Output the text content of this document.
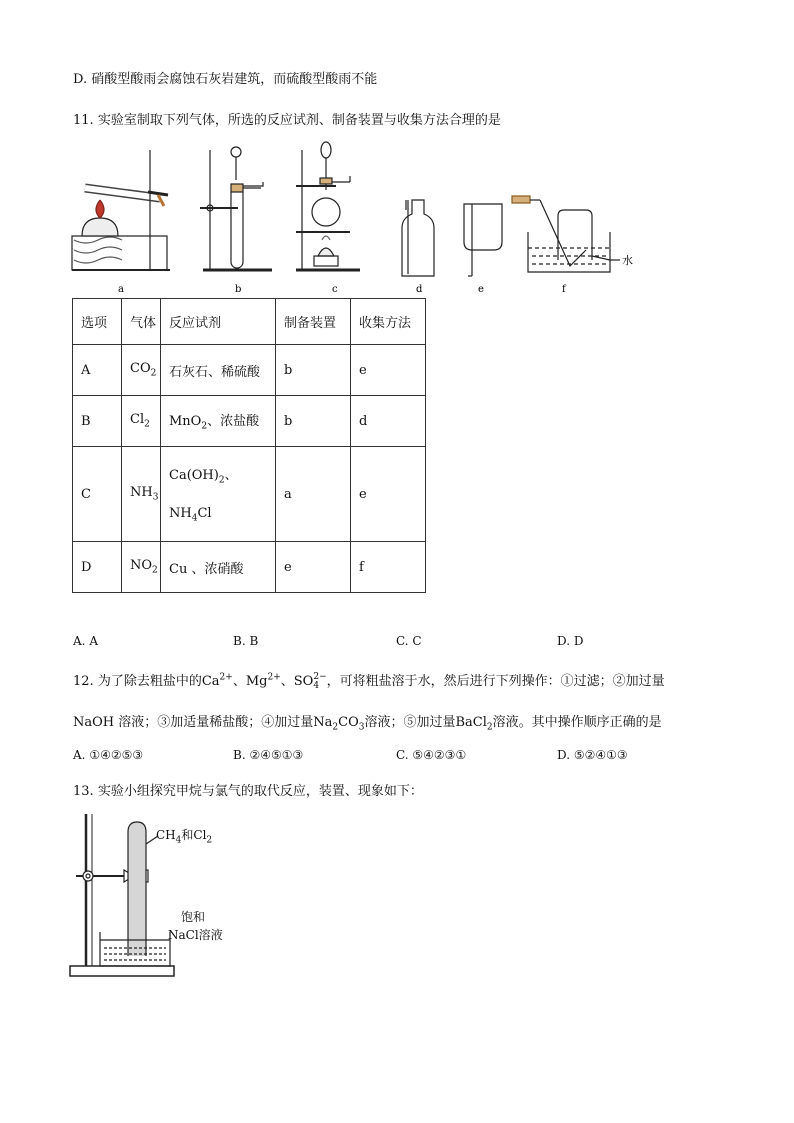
D. 硝酸型酸雨会腐蚀石灰岩建筑，而硫酸型酸雨不能
11. 实验室制取下列气体，所选的反应试剂、制备装置与收集方法合理的是
a	b	c	d	e
水
f
选项	气体	反应试剂	制备装置	收集方法
A	$CO_2$	石灰石、稀硫酸	b	e
B	$Cl_2$	MnO$_2$、浓盐酸	b	d
C	$NH_3$	$Ca(OH)_2$、
$NH_4Cl$	a	e
D	$NO_2$	Cu 、浓硝酸	e	f
A. A	B. B	C. C	D. D
12. 为了除去粗盐中的$Ca^{2+}$、$Mg^{2+}$、SO 2−
4 ，可将粗盐溶于水，然后进行下列操作：①过滤；②加过量
NaOH 溶液；③加适量稀盐酸；④加过量$Na_2CO_3$溶液；⑤加过量BaCl$_2$溶液。其中操作顺序正确的是
A. ①④②⑤③	B. ②④⑤①③	C. ⑤④②③①	D. ⑤②④①③
13. 实验小组探究甲烷与氯气的取代反应，装置、现象如下：
$CH_4$和$Cl_2$
饱和
NaCl溶液
